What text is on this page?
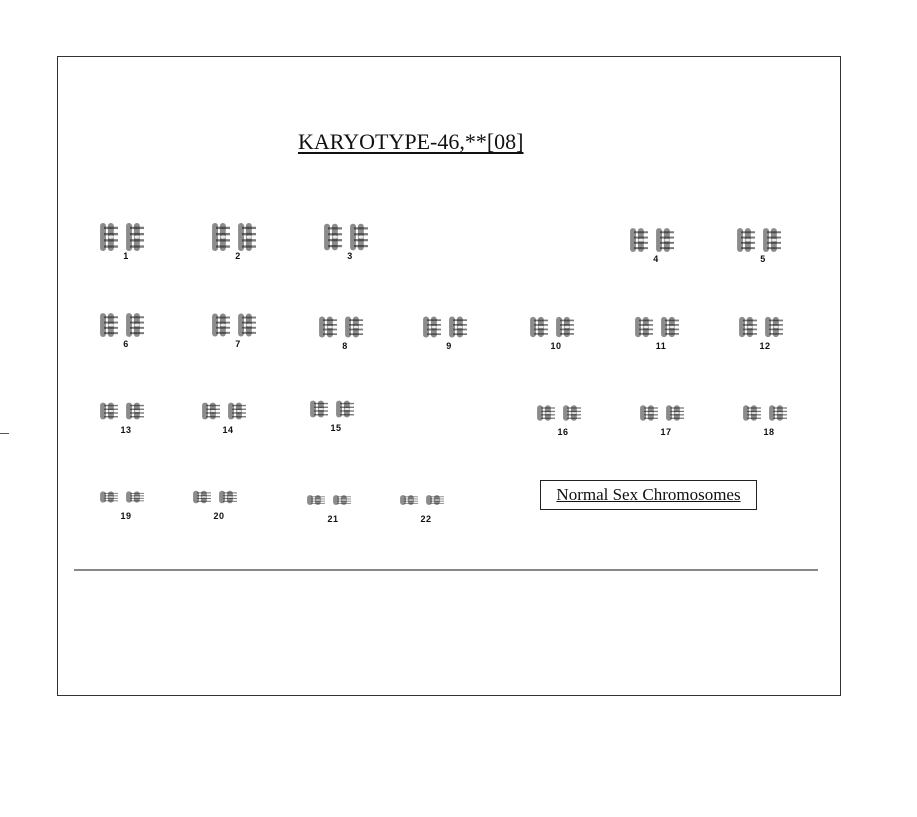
KARYOTYPE-46,**[08]
1	2	3	4	5
6	7	8	9	10	11	12
13	14	15	16	17	18
19	20	21	22
Normal Sex Chromosomes
